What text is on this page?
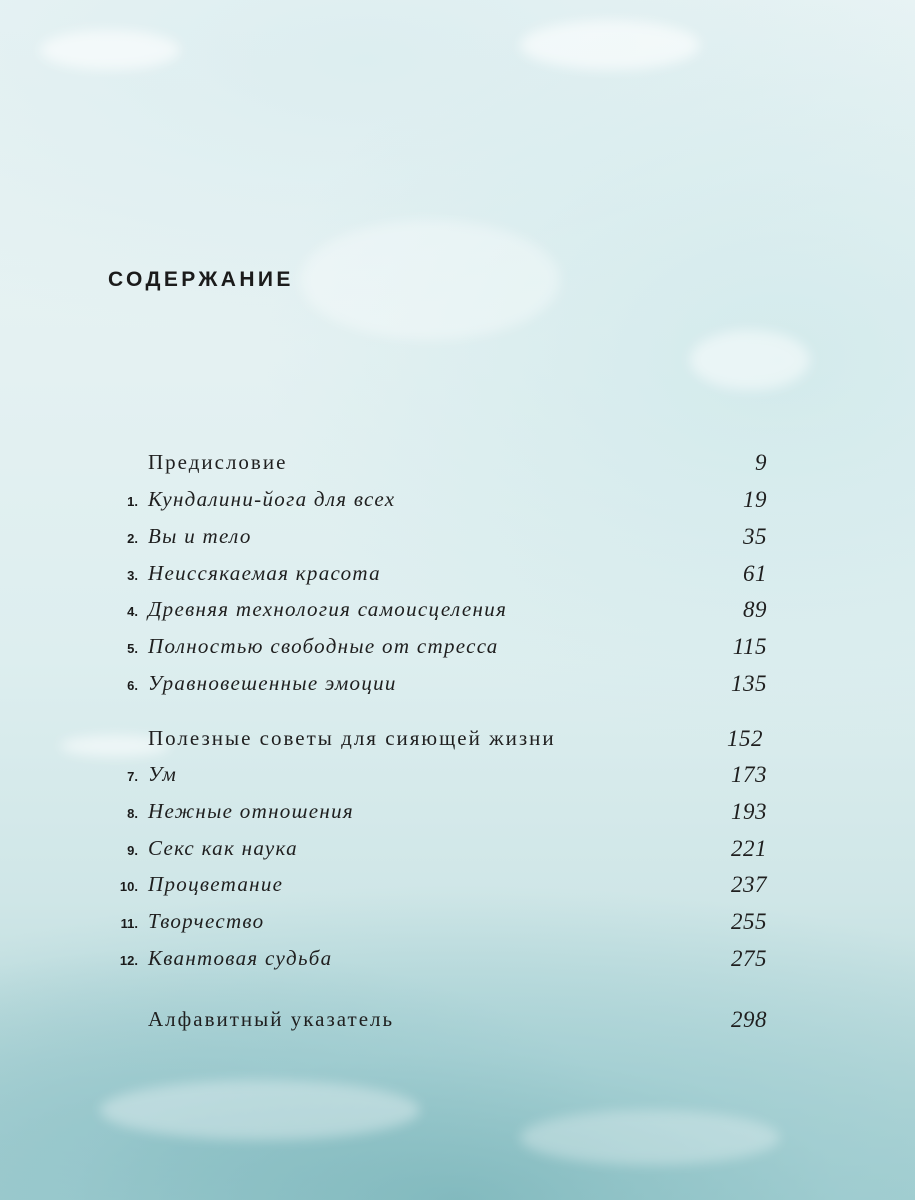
СОДЕРЖАНИЕ
Предисловие	9
1. Кундалини-йога для всех	19
2. Вы и тело	35
3. Неиссякаемая красота	61
4. Древняя технология самоисцеления	89
5. Полностью свободные от стресса	115
6. Уравновешенные эмоции	135
Полезные советы для сияющей жизни	152
7. Ум	173
8. Нежные отношения	193
9. Секс как наука	221
10. Процветание	237
11. Творчество	255
12. Квантовая судьба	275
Алфавитный указатель	298
